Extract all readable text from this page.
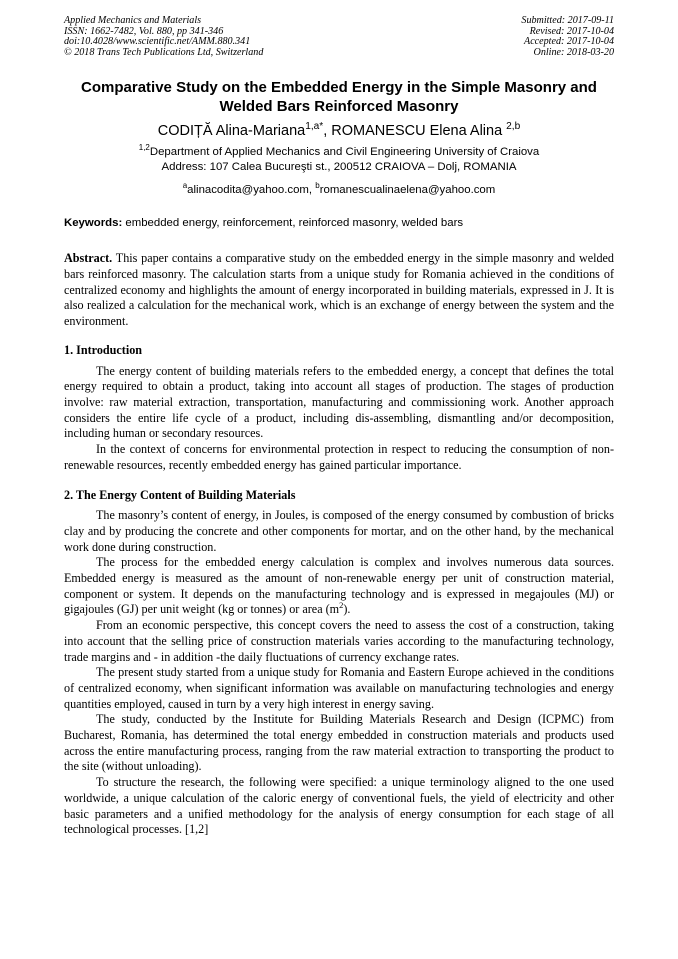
Applied Mechanics and Materials
ISSN: 1662-7482, Vol. 880, pp 341-346
doi:10.4028/www.scientific.net/AMM.880.341
© 2018 Trans Tech Publications Ltd, Switzerland
Submitted: 2017-09-11
Revised: 2017-10-04
Accepted: 2017-10-04
Online: 2018-03-20
Comparative Study on the Embedded Energy in the Simple Masonry and
Welded Bars Reinforced Masonry
CODIȚĂ Alina-Mariana$^{1,a*}$, ROMANESCU Elena Alina $^{2,b}$
$^{1,2}$Department of Applied Mechanics and Civil Engineering University of Craiova
Address: 107 Calea Bucureşti st., 200512 CRAIOVA – Dolj, ROMANIA
$^a$alinacodita@yahoo.com, $^b$romanescualinaelena@yahoo.com
Keywords: embedded energy, reinforcement, reinforced masonry, welded bars
Abstract. This paper contains a comparative study on the embedded energy in the simple masonry and welded bars reinforced masonry. The calculation starts from a unique study for Romania achieved in the conditions of centralized economy and highlights the amount of energy incorporated in building materials, expressed in J. It is also realized a calculation for the mechanical work, which is an exchange of energy between the system and the environment.
1. Introduction

The energy content of building materials refers to the embedded energy, a concept that defines the total energy required to obtain a product, taking into account all stages of production. The stages of production involve: raw material extraction, transportation, manufacturing and commissioning work. Another approach considers the entire life cycle of a product, including dis-assembling, dismantling and/or decomposition, including human or secondary resources.

In the context of concerns for environmental protection in respect to reducing the consumption of non-renewable resources, recently embedded energy has gained particular importance.

2. The Energy Content of Building Materials

The masonry’s content of energy, in Joules, is composed of the energy consumed by combustion of bricks clay and by producing the concrete and other components for mortar, and on the other hand, by the mechanical work done during construction.

The process for the embedded energy calculation is complex and involves numerous data sources. Embedded energy is measured as the amount of non-renewable energy per unit of construction material, component or system. It depends on the manufacturing technology and is expressed in megajoules (MJ) or gigajoules (GJ) per unit weight (kg or tonnes) or area $(m^2)$.

From an economic perspective, this concept covers the need to assess the cost of a construction, taking into account that the selling price of construction materials varies according to the manufacturing technology, trade margins and - in addition -the daily fluctuations of currency exchange rates.

The present study started from a unique study for Romania and Eastern Europe achieved in the conditions of centralized economy, when significant information was available on manufacturing technologies and energy quantities employed, caused in turn by a very high interest in energy saving.

The study, conducted by the Institute for Building Materials Research and Design (ICPMC) from Bucharest, Romania, has determined the total energy embedded in construction materials and products used across the entire manufacturing process, ranging from the raw material extraction to transporting the product to the site (without unloading).

To structure the research, the following were specified: a unique terminology aligned to the one used worldwide, a unique calculation of the caloric energy of conventional fuels, the yield of electricity and other basic parameters and a unified methodology for the analysis of energy consumption for each stage of all technological processes. [1,2]
